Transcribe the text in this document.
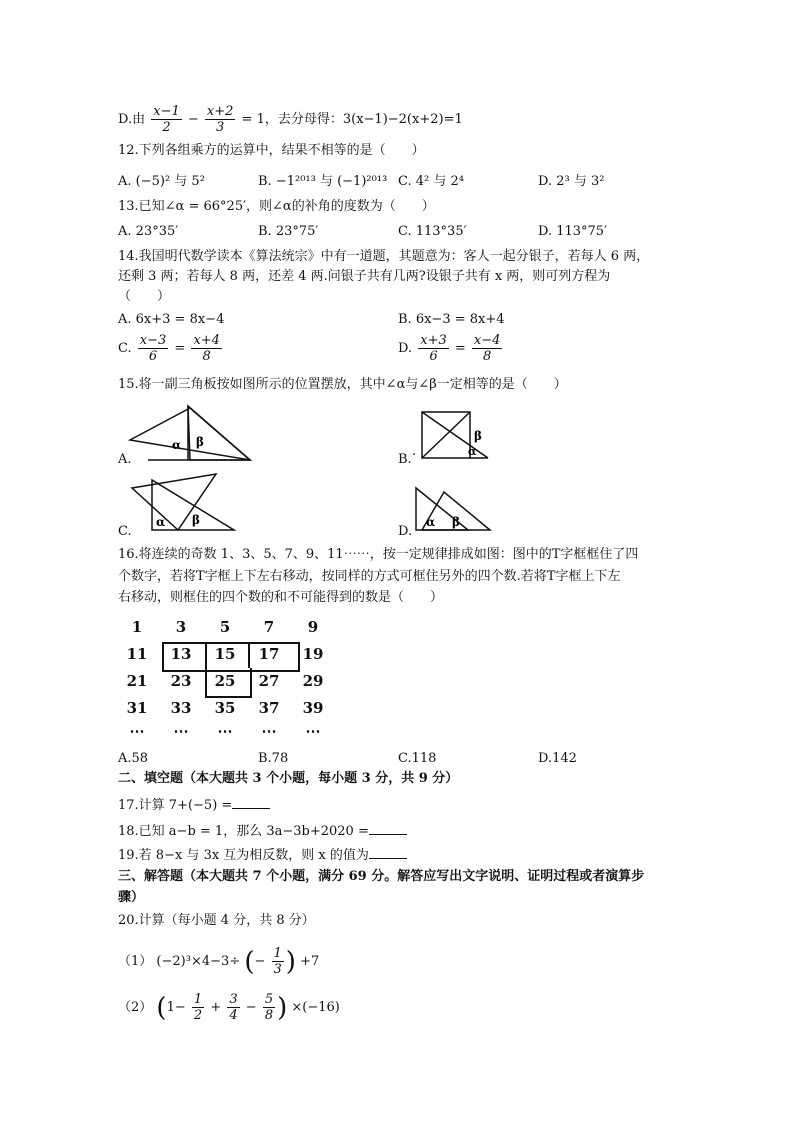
D.由 $\frac{x-1}{2} - \frac{x+2}{3} = 1$，去分母得：3(x−1)−2(x+2)=1
12.下列各组乘方的运算中，结果不相等的是（　　）
A. (−5)² 与 5²	B. −1²⁰¹³ 与 (−1)²⁰¹³ C. 4² 与 2⁴	D. 2³ 与 3²
13.已知∠α = 66°25′，则∠α的补角的度数为（　　）
A. 23°35′	B. 23°75′	C. 113°35′	D. 113°75′
14.我国明代数学读本《算法统宗》中有一道题，其题意为：客人一起分银子，若每人 6 两，
还剩 3 两；若每人 8 两，还差 4 两.问银子共有几两?设银子共有 x 两，则可列方程为
（　　）
A. 6x+3 = 8x−4	B. 6x−3 = 8x+4
C. $\frac{x-3}{6} = \frac{x+4}{8}$	D. $\frac{x+3}{6} = \frac{x-4}{8}$
15.将一副三角板按如图所示的位置摆放，其中∠α与∠β一定相等的是（　　）
A.
α β
B.
.
β
α
C.
α β
D.
α β
16.将连续的奇数 1、3、5、7、9、11⋯⋯，按一定规律排成如图：图中的T字框框住了四
个数字，若将T字框上下左右移动，按同样的方式可框住另外的四个数.若将T字框上下左
右移动，则框住的四个数的和不可能得到的数是（　　）
1	3	5	7	9
11	13	15	17	19
21	23	25	27	29
31	33	35	37	39
⋯	⋯	⋯	⋯	⋯
A.58	B.78	C.118	D.142
二、填空题（本大题共 3 个小题，每小题 3 分，共 9 分）
17.计算 7+(−5) =
18.已知 a−b = 1，那么 3a−3b+2020 =
19.若 8−x 与 3x 互为相反数，则 x 的值为
三、解答题（本大题共 7 个小题，满分 69 分。解答应写出文字说明、证明过程或者演算步
骤）
20.计算（每小题 4 分，共 8 分）
（1） (−2)³×4−3÷ (− $\frac{1}{3}$ ) +7
（2） ($1- \frac{1}{2} + \frac{3}{4} - \frac{5}{8}$ ) ×(−16)
